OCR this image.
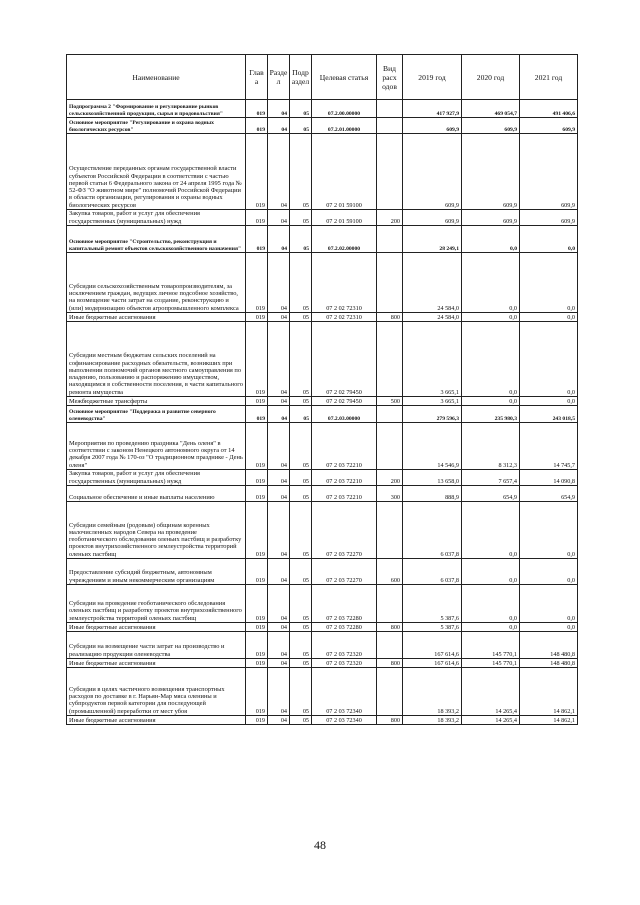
Наименование	Глав а	Разде л	Подр аздел	Целевая статья	Вид расх одов	2019 год	2020 год	2021 год
Подпрограмма 2 "Формирование и регулирование рынков сельскохозяйственной продукции, сырья и продовольствия"	019	04	05	07.2.00.00000		417 927,9	469 054,7	491 406,6
Основное мероприятие "Регулирование и охрана водных биологических ресурсов"	019	04	05	07.2.01.00000		609,9	609,9	609,9
Осуществление переданных органам государственной власти субъектов Российской Федерации в соответствии с частью первой статьи 6 Федерального закона от 24 апреля 1995 года № 52-ФЗ "О животном мире" полномочий Российской Федерации в области организации, регулирования и охраны водных биологических ресурсов	019	04	05	07 2 01 59100		609,9	609,9	609,9
Закупка товаров, работ и услуг для обеспечения государственных (муниципальных) нужд	019	04	05	07 2 01 59100	200	609,9	609,9	609,9
Основное мероприятие "Строительство, реконструкция и капитальный ремонт объектов сельскохозяйственного назначения"	019	04	05	07.2.02.00000		28 249,1	0,0	0,0
Субсидии сельскохозяйственным товаропроизводителям, за исключением граждан, ведущих личное подсобное хозяйство, на возмещение части затрат на создание, реконструкцию и (или) модернизацию объектов агропромышленного комплекса	019	04	05	07 2 02 72310		24 584,0	0,0	0,0
Иные бюджетные ассигнования	019	04	05	07 2 02 72310	800	24 584,0	0,0	0,0
Субсидии местным бюджетам сельских поселений на софинансирование расходных обязательств, возникших при выполнении полномочий органов местного самоуправления по владению, пользованию и распоряжению имуществом, находящимся в собственности поселения, в части капитального ремонта имущества	019	04	05	07 2 02 79450		3 665,1	0,0	0,0
Межбюджетные трансферты	019	04	05	07 2 02 79450	500	3 665,1	0,0	0,0
Основное мероприятие "Поддержка и развитие северного оленеводства"	019	04	05	07.2.03.00000		279 596,3	235 980,3	243 018,5
Мероприятия по проведению праздника "День оленя" в соответствии с законом Ненецкого автономного округа от 14 декабря 2007 года № 170-оз "О традиционном празднике - День оленя"	019	04	05	07 2 03 72210		14 546,9	8 312,3	14 745,7
Закупка товаров, работ и услуг для обеспечения государственных (муниципальных) нужд	019	04	05	07 2 03 72210	200	13 658,0	7 657,4	14 090,8
Социальное обеспечение и иные выплаты населению	019	04	05	07 2 03 72210	300	888,9	654,9	654,9
Субсидии семейным (родовым) общинам коренных малочисленных народов Севера на проведение геоботанического обследования оленьих пастбищ и разработку проектов внутрихозяйственного землеустройства территорий оленьих пастбищ	019	04	05	07 2 03 72270		6 037,8	0,0	0,0
Предоставление субсидий бюджетным, автономным учреждениям и иным некоммерческим организациям	019	04	05	07 2 03 72270	600	6 037,8	0,0	0,0
Субсидии на проведение геоботанического обследования оленьих пастбищ и разработку проектов внутрихозяйственного землеустройства территорий оленьих пастбищ	019	04	05	07 2 03 72280		5 387,6	0,0	0,0
Иные бюджетные ассигнования	019	04	05	07 2 03 72280	800	5 387,6	0,0	0,0
Субсидии на возмещение части затрат на производство и реализацию продукции оленеводства	019	04	05	07 2 03 72320		167 614,6	145 770,1	148 480,8
Иные бюджетные ассигнования	019	04	05	07 2 03 72320	800	167 614,6	145 770,1	148 480,8
Субсидии в целях частичного возмещения транспортных расходов по доставке в г. Нарьян-Мар мяса оленины и субпродуктов первой категории для последующей (промышленной) переработки от мест убоя	019	04	05	07 2 03 72340		18 393,2	14 265,4	14 862,1
Иные бюджетные ассигнования	019	04	05	07 2 03 72340	800	18 393,2	14 265,4	14 862,1
48
